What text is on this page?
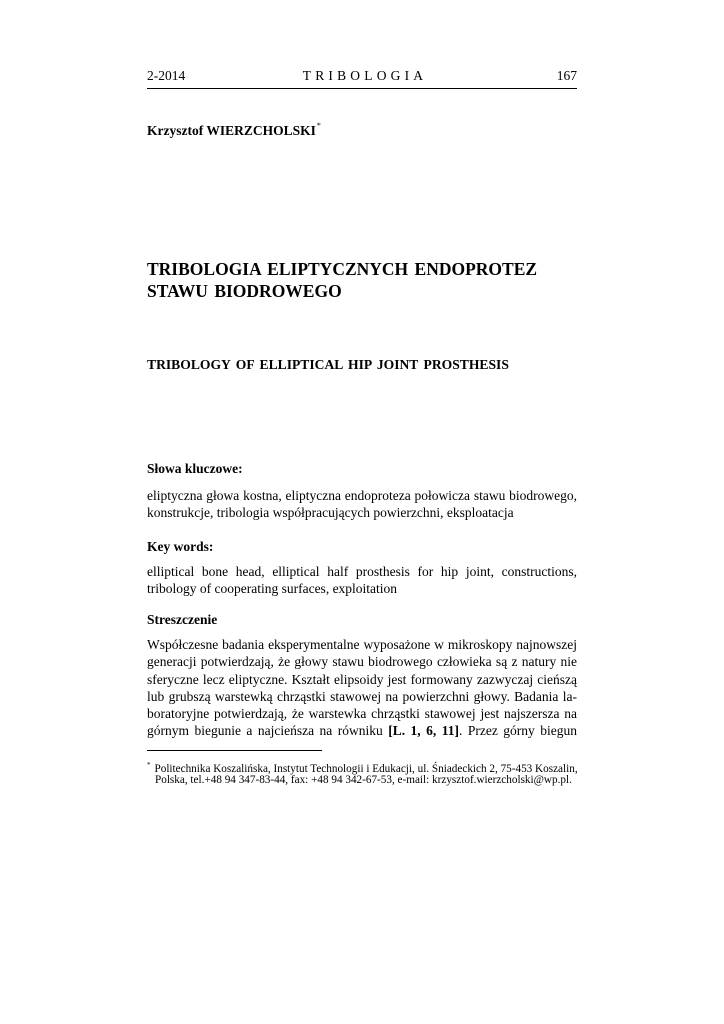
2-2014	TRIBOLOGIA	167
Krzysztof WIERZCHOLSKI*
TRIBOLOGIA ELIPTYCZNYCH ENDOPROTEZ
STAWU BIODROWEGO
TRIBOLOGY OF ELLIPTICAL HIP JOINT PROSTHESIS
Słowa kluczowe:
eliptyczna głowa kostna, eliptyczna endoproteza połowicza stawu biodrowego,
konstrukcje, tribologia współpracujących powierzchni, eksploatacja
Key words:
elliptical bone head, elliptical half prosthesis for hip joint, constructions,
tribology of cooperating surfaces, exploitation
Streszczenie
Współczesne badania eksperymentalne wyposażone w mikroskopy najnowszej
generacji potwierdzają, że głowy stawu biodrowego człowieka są z natury nie
sferyczne lecz eliptyczne. Kształt elipsoidy jest formowany zazwyczaj cieńszą
lub grubszą warstewką chrząstki stawowej na powierzchni głowy. Badania la-
boratoryjne potwierdzają, że warstewka chrząstki stawowej jest najszersza na
górnym biegunie a najcieńsza na równiku [L. 1, 6, 11]. Przez górny biegun
* Politechnika Koszalińska, Instytut Technologii i Edukacji, ul. Śniadeckich 2, 75-453 Koszalin,
Polska, tel.+48 94 347-83-44, fax: +48 94 342-67-53, e-mail: krzysztof.wierzcholski@wp.pl.
